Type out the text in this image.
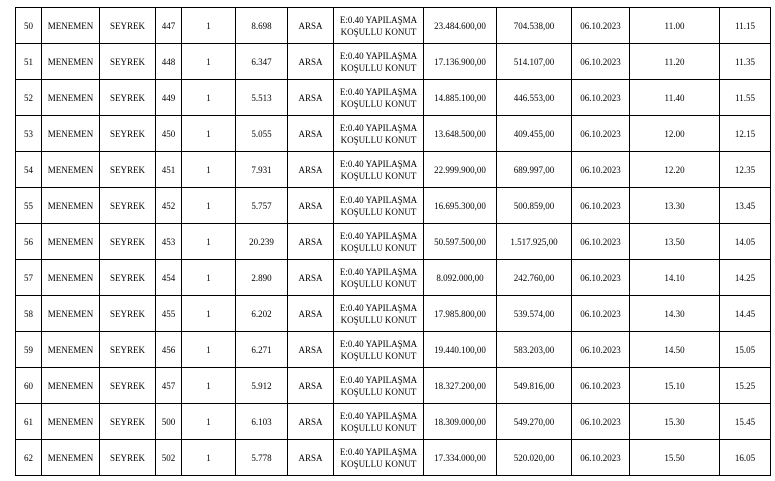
50	MENEMEN	SEYREK	447	1	8.698	ARSA	E:0.40 YAPILAŞMA
KOŞULLU KONUT	23.484.600,00	704.538,00	06.10.2023	11.00	11.15
51	MENEMEN	SEYREK	448	1	6.347	ARSA	E:0.40 YAPILAŞMA
KOŞULLU KONUT	17.136.900,00	514.107,00	06.10.2023	11.20	11.35
52	MENEMEN	SEYREK	449	1	5.513	ARSA	E:0.40 YAPILAŞMA
KOŞULLU KONUT	14.885.100,00	446.553,00	06.10.2023	11.40	11.55
53	MENEMEN	SEYREK	450	1	5.055	ARSA	E:0.40 YAPILAŞMA
KOŞULLU KONUT	13.648.500,00	409.455,00	06.10.2023	12.00	12.15
54	MENEMEN	SEYREK	451	1	7.931	ARSA	E:0.40 YAPILAŞMA
KOŞULLU KONUT	22.999.900,00	689.997,00	06.10.2023	12.20	12.35
55	MENEMEN	SEYREK	452	1	5.757	ARSA	E:0.40 YAPILAŞMA
KOŞULLU KONUT	16.695.300,00	500.859,00	06.10.2023	13.30	13.45
56	MENEMEN	SEYREK	453	1	20.239	ARSA	E:0.40 YAPILAŞMA
KOŞULLU KONUT	50.597.500,00	1.517.925,00	06.10.2023	13.50	14.05
57	MENEMEN	SEYREK	454	1	2.890	ARSA	E:0.40 YAPILAŞMA
KOŞULLU KONUT	8.092.000,00	242.760,00	06.10.2023	14.10	14.25
58	MENEMEN	SEYREK	455	1	6.202	ARSA	E:0.40 YAPILAŞMA
KOŞULLU KONUT	17.985.800,00	539.574,00	06.10.2023	14.30	14.45
59	MENEMEN	SEYREK	456	1	6.271	ARSA	E:0.40 YAPILAŞMA
KOŞULLU KONUT	19.440.100,00	583.203,00	06.10.2023	14.50	15.05
60	MENEMEN	SEYREK	457	1	5.912	ARSA	E:0.40 YAPILAŞMA
KOŞULLU KONUT	18.327.200,00	549.816,00	06.10.2023	15.10	15.25
61	MENEMEN	SEYREK	500	1	6.103	ARSA	E:0.40 YAPILAŞMA
KOŞULLU KONUT	18.309.000,00	549.270,00	06.10.2023	15.30	15.45
62	MENEMEN	SEYREK	502	1	5.778	ARSA	E:0.40 YAPILAŞMA
KOŞULLU KONUT	17.334.000,00	520.020,00	06.10.2023	15.50	16.05
